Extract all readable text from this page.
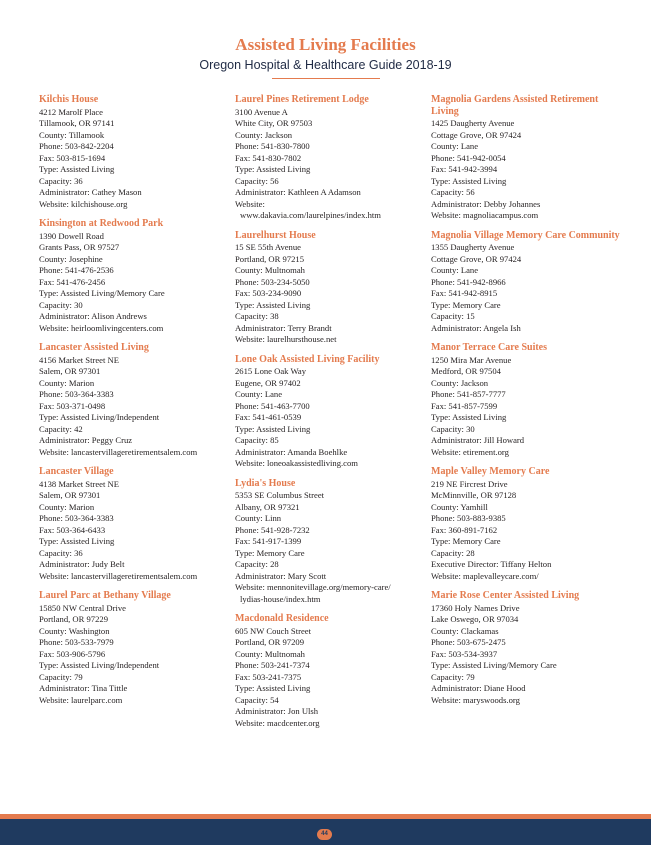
Assisted Living Facilities
Oregon Hospital & Healthcare Guide 2018-19
Kilchis House
4212 Marolf Place
Tillamook, OR 97141
County: Tillamook
Phone: 503-842-2204
Fax: 503-815-1694
Type: Assisted Living
Capacity: 36
Administrator: Cathey Mason
Website: kilchishouse.org
Kinsington at Redwood Park
1390 Dowell Road
Grants Pass, OR 97527
County: Josephine
Phone: 541-476-2536
Fax: 541-476-2456
Type: Assisted Living/Memory Care
Capacity: 30
Administrator: Alison Andrews
Website: heirloomlivingcenters.com
Lancaster Assisted Living
4156 Market Street NE
Salem, OR 97301
County: Marion
Phone: 503-364-3383
Fax: 503-371-0498
Type: Assisted Living/Independent
Capacity: 42
Administrator: Peggy Cruz
Website: lancastervillageretirementsalem.com
Lancaster Village
4138 Market Street NE
Salem, OR 97301
County: Marion
Phone: 503-364-3383
Fax: 503-364-6433
Type: Assisted Living
Capacity: 36
Administrator: Judy Belt
Website: lancastervillageretirementsalem.com
Laurel Parc at Bethany Village
15850 NW Central Drive
Portland, OR 97229
County: Washington
Phone: 503-533-7979
Fax: 503-906-5796
Type: Assisted Living/Independent
Capacity: 79
Administrator: Tina Tittle
Website: laurelparc.com
Laurel Pines Retirement Lodge
3100 Avenue A
White City, OR 97503
County: Jackson
Phone: 541-830-7800
Fax: 541-830-7802
Type: Assisted Living
Capacity: 56
Administrator: Kathleen A Adamson
Website:
www.dakavia.com/laurelpines/index.htm
Laurelhurst House
15 SE 55th Avenue
Portland, OR 97215
County: Multnomah
Phone: 503-234-5050
Fax: 503-234-9090
Type: Assisted Living
Capacity: 38
Administrator: Terry Brandt
Website: laurelhursthouse.net
Lone Oak Assisted Living Facility
2615 Lone Oak Way
Eugene, OR 97402
County: Lane
Phone: 541-463-7700
Fax: 541-461-0539
Type: Assisted Living
Capacity: 85
Administrator: Amanda Boehlke
Website: loneoakassistedliving.com
Lydia's House
5353 SE Columbus Street
Albany, OR 97321
County: Linn
Phone: 541-928-7232
Fax: 541-917-1399
Type: Memory Care
Capacity: 28
Administrator: Mary Scott
Website: mennonitevillage.org/memory-care/
lydias-house/index.htm
Macdonald Residence
605 NW Couch Street
Portland, OR 97209
County: Multnomah
Phone: 503-241-7374
Fax: 503-241-7375
Type: Assisted Living
Capacity: 54
Administrator: Jon Ulsh
Website: macdcenter.org
Magnolia Gardens Assisted Retirement Living
1425 Daugherty Avenue
Cottage Grove, OR 97424
County: Lane
Phone: 541-942-0054
Fax: 541-942-3994
Type: Assisted Living
Capacity: 56
Administrator: Debby Johannes
Website: magnoliacampus.com
Magnolia Village Memory Care Community
1355 Daugherty Avenue
Cottage Grove, OR 97424
County: Lane
Phone: 541-942-8966
Fax: 541-942-8915
Type: Memory Care
Capacity: 15
Administrator: Angela Ish
Manor Terrace Care Suites
1250 Mira Mar Avenue
Medford, OR 97504
County: Jackson
Phone: 541-857-7777
Fax: 541-857-7599
Type: Assisted Living
Capacity: 30
Administrator: Jill Howard
Website: etirement.org
Maple Valley Memory Care
219 NE Fircrest Drive
McMinnville, OR 97128
County: Yamhill
Phone: 503-883-9385
Fax: 360-891-7162
Type: Memory Care
Capacity: 28
Executive Director: Tiffany Helton
Website: maplevalleycare.com/
Marie Rose Center Assisted Living
17360 Holy Names Drive
Lake Oswego, OR 97034
County: Clackamas
Phone: 503-675-2475
Fax: 503-534-3937
Type: Assisted Living/Memory Care
Capacity: 79
Administrator: Diane Hood
Website: maryswoods.org
44
